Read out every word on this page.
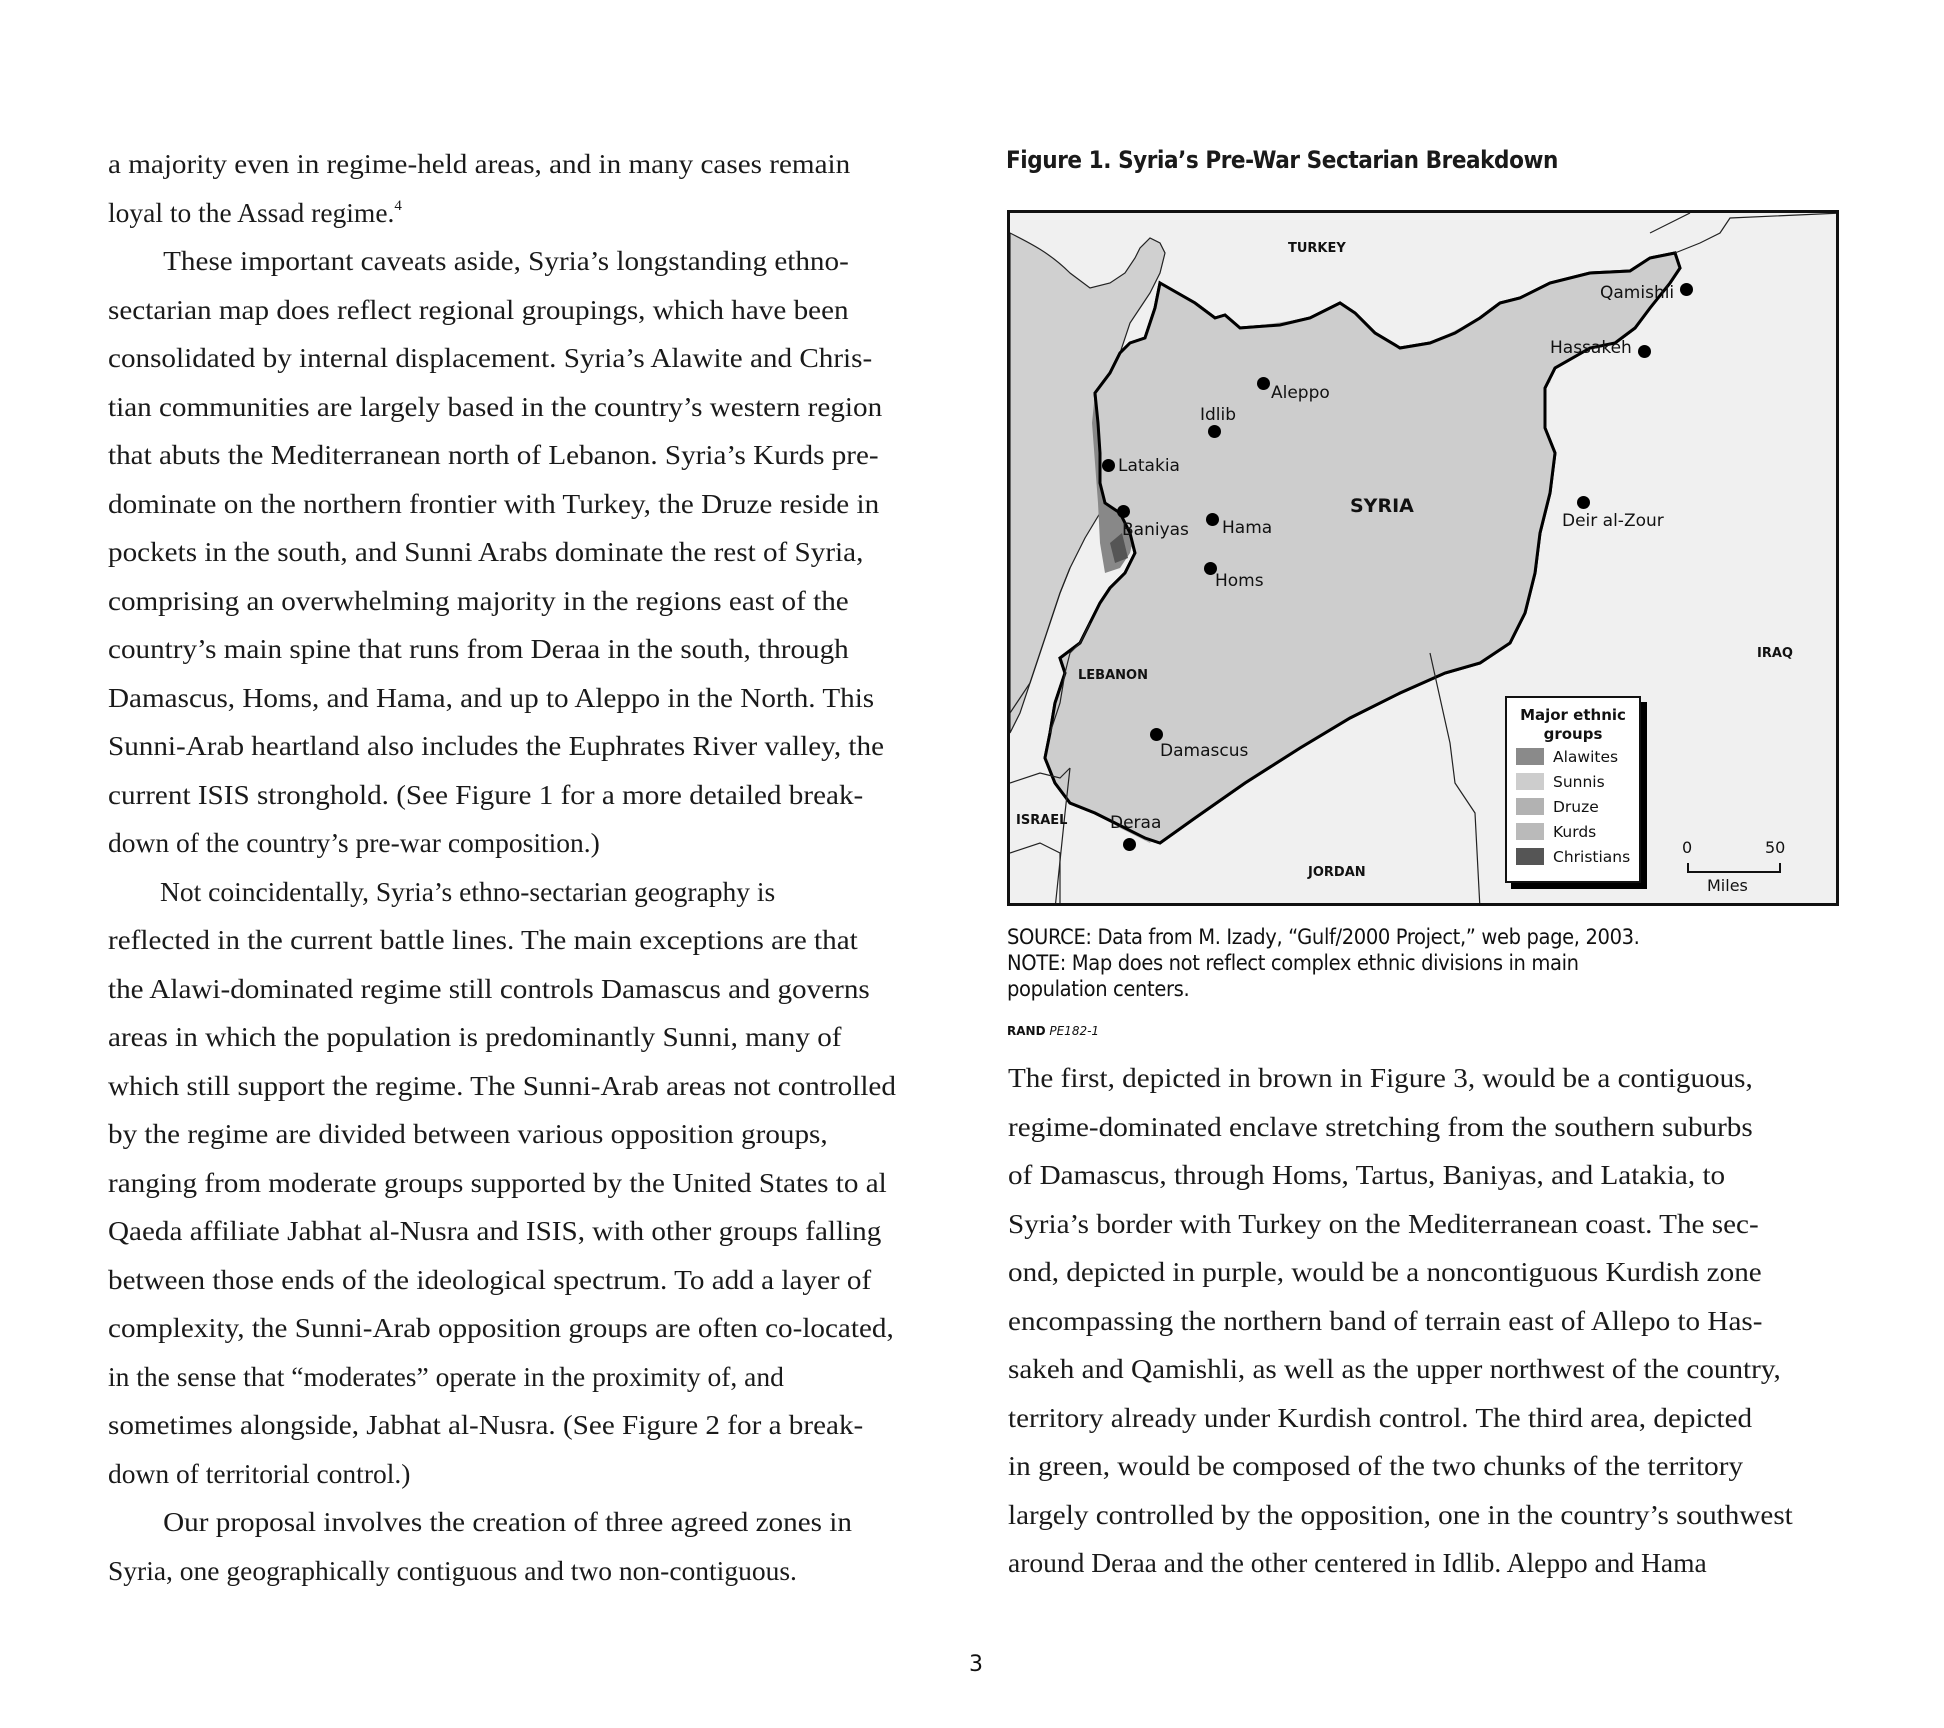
a majority even in regime-held areas, and in many cases remain
loyal to the Assad regime.$^4$
These important caveats aside, Syria’s longstanding ethno-
sectarian map does reflect regional groupings, which have been
consolidated by internal displacement. Syria’s Alawite and Chris-
tian communities are largely based in the country’s western region
that abuts the Mediterranean north of Lebanon. Syria’s Kurds pre-
dominate on the northern frontier with Turkey, the Druze reside in
pockets in the south, and Sunni Arabs dominate the rest of Syria,
comprising an overwhelming majority in the regions east of the
country’s main spine that runs from Deraa in the south, through
Damascus, Homs, and Hama, and up to Aleppo in the North. This
Sunni-Arab heartland also includes the Euphrates River valley, the
current ISIS stronghold. (See Figure 1 for a more detailed break-
down of the country’s pre-war composition.)
Not coincidentally, Syria’s ethno-sectarian geography is
reflected in the current battle lines. The main exceptions are that
the Alawi-dominated regime still controls Damascus and governs
areas in which the population is predominantly Sunni, many of
which still support the regime. The Sunni-Arab areas not controlled
by the regime are divided between various opposition groups,
ranging from moderate groups supported by the United States to al
Qaeda affiliate Jabhat al-Nusra and ISIS, with other groups falling
between those ends of the ideological spectrum. To add a layer of
complexity, the Sunni-Arab opposition groups are often co-located,
in the sense that “moderates” operate in the proximity of, and
sometimes alongside, Jabhat al-Nusra. (See Figure 2 for a break-
down of territorial control.)
Our proposal involves the creation of three agreed zones in
Syria, one geographically contiguous and two non-contiguous.
Figure 1. Syria’s Pre-War Sectarian Breakdown
TURKEY
SYRIA
LEBANON
ISRAEL
JORDAN
IRAQ
Qamishli
Hassakeh
Aleppo
Idlib
Latakia
Baniyas Hama
Homs
Deir al-Zour
Damascus
Deraa
Major ethnic groups
Alawites
Sunnis
Druze
Kurds
Christians	0	50
Miles
SOURCE: Data from M. Izady, “Gulf/2000 Project,” web page, 2003.
NOTE: Map does not reflect complex ethnic divisions in main
population centers.
RAND PE182-1
The first, depicted in brown in Figure 3, would be a contiguous,
regime-dominated enclave stretching from the southern suburbs
of Damascus, through Homs, Tartus, Baniyas, and Latakia, to
Syria’s border with Turkey on the Mediterranean coast. The sec-
ond, depicted in purple, would be a noncontiguous Kurdish zone
encompassing the northern band of terrain east of Allepo to Has-
sakeh and Qamishli, as well as the upper northwest of the country,
territory already under Kurdish control. The third area, depicted
in green, would be composed of the two chunks of the territory
largely controlled by the opposition, one in the country’s southwest
around Deraa and the other centered in Idlib. Aleppo and Hama
3
